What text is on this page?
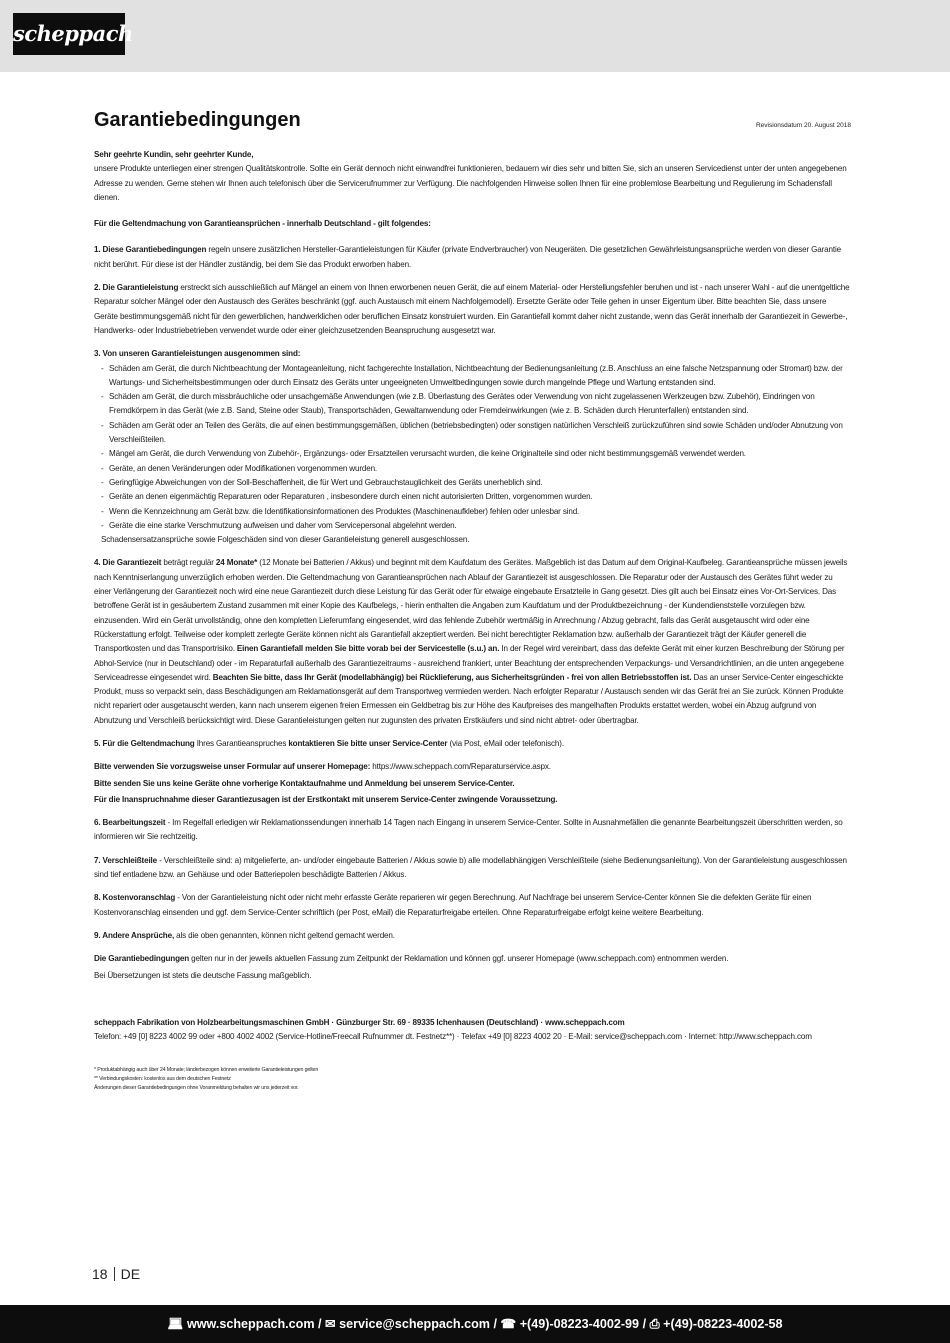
scheppach
Garantiebedingungen	Revisionsdatum 20. August 2018

Sehr geehrte Kundin, sehr geehrter Kunde,

unsere Produkte unterliegen einer strengen Qualitätskontrolle. Sollte ein Gerät dennoch nicht einwandfrei funktionieren, bedauern wir dies sehr und bitten Sie, sich an unseren Servicedienst unter der unten angegebenen Adresse zu wenden. Gerne stehen wir Ihnen auch telefonisch über die Servicerufnummer zur Verfügung. Die nachfolgenden Hinweise sollen Ihnen für eine problemlose Bearbeitung und Regulierung im Schadensfall dienen.

Für die Geltendmachung von Garantieansprüchen - innerhalb Deutschland - gilt folgendes:

1. Diese Garantiebedingungen regeln unsere zusätzlichen Hersteller-Garantieleistungen für Käufer (private Endverbraucher) von Neugeräten. Die gesetzlichen Gewährleistungsansprüche werden von dieser Garantie nicht berührt. Für diese ist der Händler zuständig, bei dem Sie das Produkt erworben haben.

2. Die Garantieleistung erstreckt sich ausschließlich auf Mängel an einem von Ihnen erworbenen neuen Gerät, die auf einem Material- oder Herstellungsfehler beruhen und ist - nach unserer Wahl - auf die unentgeltliche Reparatur solcher Mängel oder den Austausch des Gerätes beschränkt (ggf. auch Austausch mit einem Nachfolgemodell). Ersetzte Geräte oder Teile gehen in unser Eigentum über. Bitte beachten Sie, dass unsere Geräte bestimmungsgemäß nicht für den gewerblichen, handwerklichen oder beruflichen Einsatz konstruiert wurden. Ein Garantiefall kommt daher nicht zustande, wenn das Gerät innerhalb der Garantiezeit in Gewerbe-, Handwerks- oder Industriebetrieben verwendet wurde oder einer gleichzusetzenden Beanspruchung ausgesetzt war.

3. Von unseren Garantieleistungen ausgenommen sind:

- Schäden am Gerät, die durch Nichtbeachtung der Montageanleitung, nicht fachgerechte Installation, Nichtbeachtung der Bedienungsanleitung (z.B. Anschluss an eine falsche Netzspannung oder Stromart) bzw. der Wartungs- und Sicherheitsbestimmungen oder durch Einsatz des Geräts unter ungeeigneten Umweltbedingungen sowie durch mangelnde Pflege und Wartung entstanden sind.
- Schäden am Gerät, die durch missbräuchliche oder unsachgemäße Anwendungen (wie z.B. Überlastung des Gerätes oder Verwendung von nicht zugelassenen Werkzeugen bzw. Zubehör), Eindringen von Fremdkörpern in das Gerät (wie z.B. Sand, Steine oder Staub), Transportschäden, Gewaltanwendung oder Fremdeinwirkungen (wie z. B. Schäden durch Herunterfallen) entstanden sind.
- Schäden am Gerät oder an Teilen des Geräts, die auf einen bestimmungsgemäßen, üblichen (betriebsbedingten) oder sonstigen natürlichen Verschleiß zurückzuführen sind sowie Schäden und/oder Abnutzung von Verschleißteilen.
- Mängel am Gerät, die durch Verwendung von Zubehör-, Ergänzungs- oder Ersatzteilen verursacht wurden, die keine Originalteile sind oder nicht bestimmungsgemäß verwendet werden.
- Geräte, an denen Veränderungen oder Modifikationen vorgenommen wurden.
- Geringfügige Abweichungen von der Soll-Beschaffenheit, die für Wert und Gebrauchstauglichkeit des Geräts unerheblich sind.
- Geräte an denen eigenmächtig Reparaturen oder Reparaturen , insbesondere durch einen nicht autorisierten Dritten, vorgenommen wurden.
- Wenn die Kennzeichnung am Gerät bzw. die Identifikationsinformationen des Produktes (Maschinenaufkleber) fehlen oder unlesbar sind.
- Geräte die eine starke Verschmutzung aufweisen und daher vom Servicepersonal abgelehnt werden.

Schadensersatzansprüche sowie Folgeschäden sind von dieser Garantieleistung generell ausgeschlossen.

4. Die Garantiezeit beträgt regulär 24 Monate* (12 Monate bei Batterien / Akkus) und beginnt mit dem Kaufdatum des Gerätes. Maßgeblich ist das Datum auf dem Original-Kaufbeleg. Garantieansprüche müssen jeweils nach Kenntniserlangung unverzüglich erhoben werden. Die Geltendmachung von Garantieansprüchen nach Ablauf der Garantiezeit ist ausgeschlossen. Die Reparatur oder der Austausch des Gerätes führt weder zu einer Verlängerung der Garantiezeit noch wird eine neue Garantiezeit durch diese Leistung für das Gerät oder für etwaige eingebaute Ersatzteile in Gang gesetzt. Dies gilt auch bei Einsatz eines Vor-Ort-Services. Das betroffene Gerät ist in gesäubertem Zustand zusammen mit einer Kopie des Kaufbelegs, - hierin enthalten die Angaben zum Kaufdatum und der Produktbezeichnung - der Kundendienststelle vorzulegen bzw. einzusenden. Wird ein Gerät unvollständig, ohne den kompletten Lieferumfang eingesendet, wird das fehlende Zubehör wertmäßig in Anrechnung / Abzug gebracht, falls das Gerät ausgetauscht wird oder eine Rückerstattung erfolgt. Teilweise oder komplett zerlegte Geräte können nicht als Garantiefall akzeptiert werden. Bei nicht berechtigter Reklamation bzw. außerhalb der Garantiezeit trägt der Käufer generell die Transportkosten und das Transportrisiko. Einen Garantiefall melden Sie bitte vorab bei der Servicestelle (s.u.) an. In der Regel wird vereinbart, dass das defekte Gerät mit einer kurzen Beschreibung der Störung per Abhol-Service (nur in Deutschland) oder - im Reparaturfall außerhalb des Garantiezeitraums - ausreichend frankiert, unter Beachtung der entsprechenden Verpackungs- und Versandrichtlinien, an die unten angegebene Serviceadresse eingesendet wird. Beachten Sie bitte, dass Ihr Gerät (modellabhängig) bei Rücklieferung, aus Sicherheitsgründen - frei von allen Betriebsstoffen ist. Das an unser Service-Center eingeschickte Produkt, muss so verpackt sein, dass Beschädigungen am Reklamationsgerät auf dem Transportweg vermieden werden. Nach erfolgter Reparatur / Austausch senden wir das Gerät frei an Sie zurück. Können Produkte nicht repariert oder ausgetauscht werden, kann nach unserem eigenen freien Ermessen ein Geldbetrag bis zur Höhe des Kaufpreises des mangelhaften Produkts erstattet werden, wobei ein Abzug aufgrund von Abnutzung und Verschleiß berücksichtigt wird. Diese Garantieleistungen gelten nur zugunsten des privaten Erstkäufers und sind nicht abtret- oder übertragbar.

5. Für die Geltendmachung Ihres Garantieanspruches kontaktieren Sie bitte unser Service-Center (via Post, eMail oder telefonisch).

Bitte verwenden Sie vorzugsweise unser Formular auf unserer Homepage: https://www.scheppach.com/Reparaturservice.aspx.

Bitte senden Sie uns keine Geräte ohne vorherige Kontaktaufnahme und Anmeldung bei unserem Service-Center.

Für die Inanspruchnahme dieser Garantiezusagen ist der Erstkontakt mit unserem Service-Center zwingende Voraussetzung.

6. Bearbeitungszeit - Im Regelfall erledigen wir Reklamationssendungen innerhalb 14 Tagen nach Eingang in unserem Service-Center. Sollte in Ausnahmefällen die genannte Bearbeitungszeit überschritten werden, so informieren wir Sie rechtzeitig.

7. Verschleißteile - Verschleißteile sind: a) mitgelieferte, an- und/oder eingebaute Batterien / Akkus sowie b) alle modellabhängigen Verschleißteile (siehe Bedienungsanleitung). Von der Garantieleistung ausgeschlossen sind tief entladene bzw. an Gehäuse und oder Batteriepolen beschädigte Batterien / Akkus.

8. Kostenvoranschlag - Von der Garantieleistung nicht oder nicht mehr erfasste Geräte reparieren wir gegen Berechnung. Auf Nachfrage bei unserem Service-Center können Sie die defekten Geräte für einen Kostenvoranschlag einsenden und ggf. dem Service-Center schriftlich (per Post, eMail) die Reparaturfreigabe erteilen. Ohne Reparaturfreigabe erfolgt keine weitere Bearbeitung.

9. Andere Ansprüche, als die oben genannten, können nicht geltend gemacht werden.

Die Garantiebedingungen gelten nur in der jeweils aktuellen Fassung zum Zeitpunkt der Reklamation und können ggf. unserer Homepage (www.scheppach.com) entnommen werden.

Bei Übersetzungen ist stets die deutsche Fassung maßgeblich.

scheppach Fabrikation von Holzbearbeitungsmaschinen GmbH · Günzburger Str. 69 · 89335 Ichenhausen (Deutschland) · www.scheppach.com

Telefon: +49 [0] 8223 4002 99 oder +800 4002 4002 (Service-Hotline/Freecall Rufnummer dt. Festnetz**) · Telefax +49 [0] 8223 4002 20 · E-Mail: service@scheppach.com · Internet: http://www.scheppach.com

* Produktabhängig auch über 24 Monate; länderbezogen können erweiterte Garantieleistungen gelten
** Verbindungskosten: kostenlos aus dem deutschen Festnetz
Änderungen dieser Garantiebedingungen ohne Voranmeldung behalten wir uns jederzeit vor.
18 DE
💻︎ www.scheppach.com / ✉︎ service@scheppach.com / ☎︎ +(49)-08223-4002-99 / ⎙︎ +(49)-08223-4002-58
